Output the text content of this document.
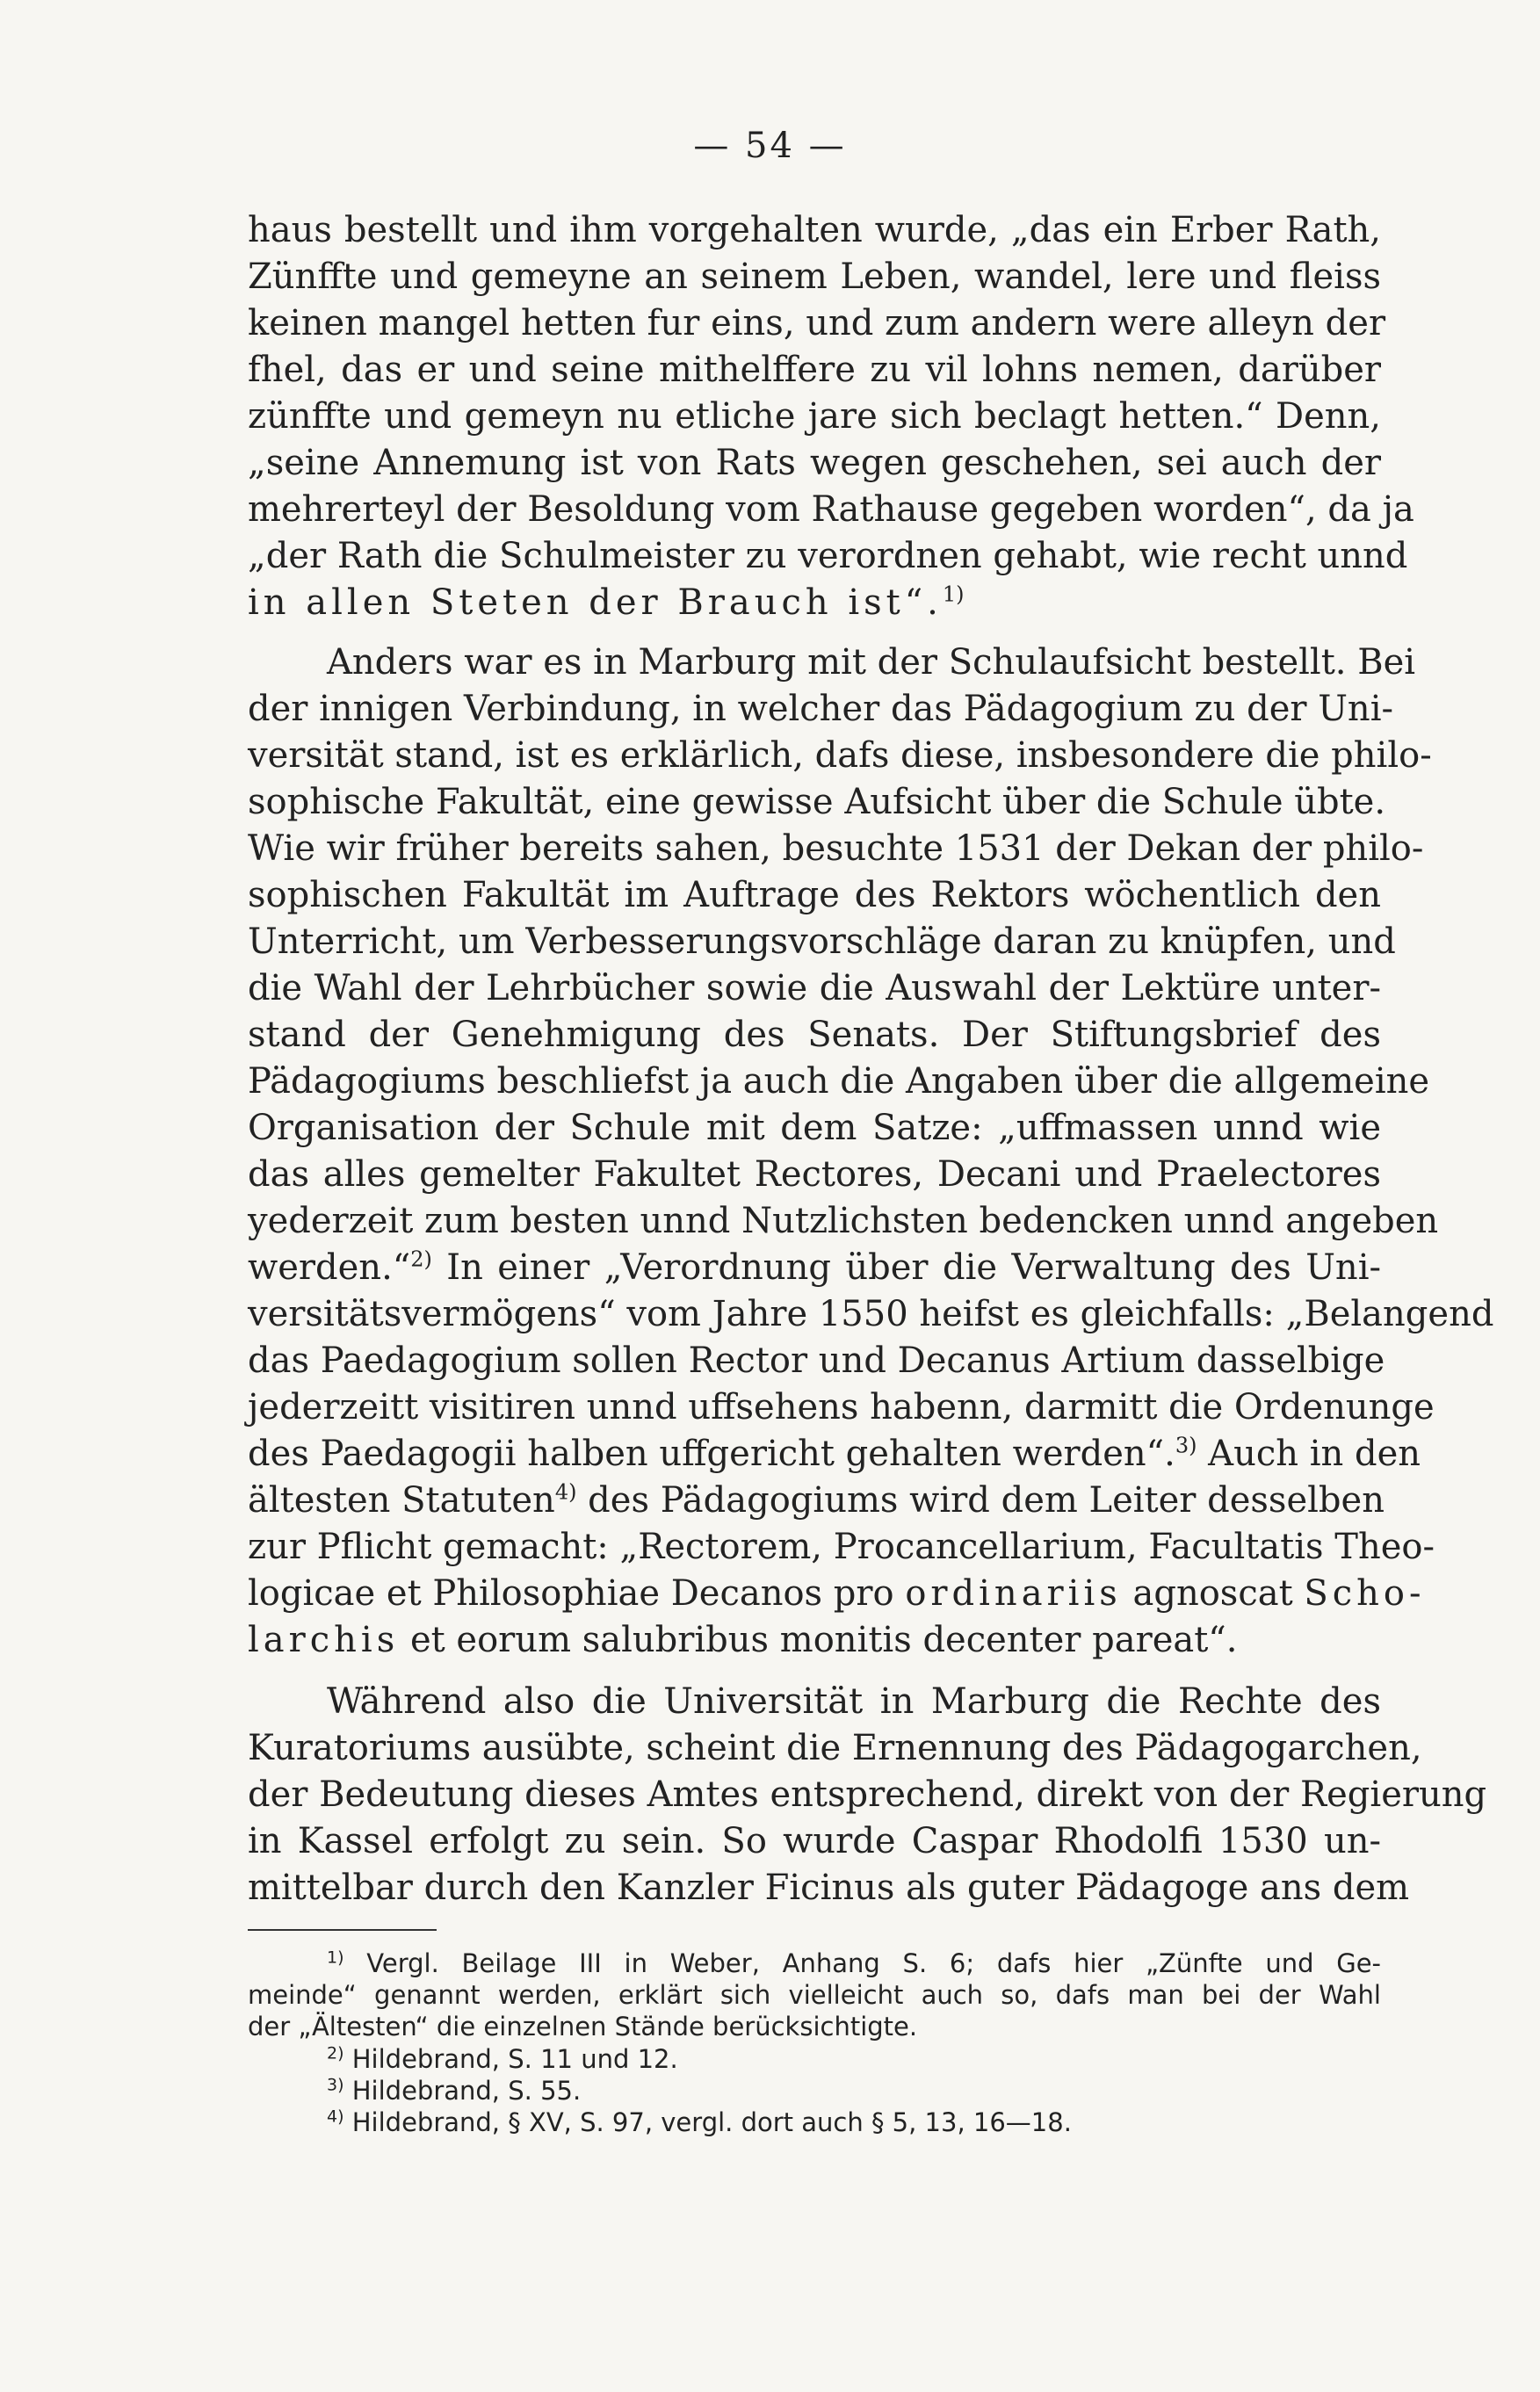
— 54 —
haus bestellt und ihm vorgehalten wurde, „das ein Erber Rath,
Zünffte und gemeyne an seinem Leben, wandel, lere und fleiss
keinen mangel hetten fur eins, und zum andern were alleyn der
fhel, das er und seine mithelffere zu vil lohns nemen, darüber
zünffte und gemeyn nu etliche jare sich beclagt hetten.“ Denn,
„seine Annemung ist von Rats wegen geschehen, sei auch der
mehrerteyl der Besoldung vom Rathause gegeben worden“, da ja
„der Rath die Schulmeister zu verordnen gehabt, wie recht unnd
in allen Steten der Brauch ist“.$^{1)}$
Anders war es in Marburg mit der Schulaufsicht bestellt. Bei
der innigen Verbindung, in welcher das Pädagogium zu der Uni-
versität stand, ist es erklärlich, dafs diese, insbesondere die philo-
sophische Fakultät, eine gewisse Aufsicht über die Schule übte.
Wie wir früher bereits sahen, besuchte 1531 der Dekan der philo-
sophischen Fakultät im Auftrage des Rektors wöchentlich den
Unterricht, um Verbesserungsvorschläge daran zu knüpfen, und
die Wahl der Lehrbücher sowie die Auswahl der Lektüre unter-
stand der Genehmigung des Senats. Der Stiftungsbrief des
Pädagogiums beschliefst ja auch die Angaben über die allgemeine
Organisation der Schule mit dem Satze: „uffmassen unnd wie
das alles gemelter Fakultet Rectores, Decani und Praelectores
yederzeit zum besten unnd Nutzlichsten bedencken unnd angeben
werden.“$^{2)}$ In einer „Verordnung über die Verwaltung des Uni-
versitätsvermögens“ vom Jahre 1550 heifst es gleichfalls: „Belangend
das Paedagogium sollen Rector und Decanus Artium dasselbige
jederzeitt visitiren unnd uffsehens habenn, darmitt die Ordenunge
des Paedagogii halben uffgericht gehalten werden“.$^{3)}$ Auch in den
ältesten Statuten$^{4)}$ des Pädagogiums wird dem Leiter desselben
zur Pflicht gemacht: „Rectorem, Procancellarium, Facultatis Theo-
logicae et Philosophiae Decanos pro ordinariis agnoscat Scho-
larchis et eorum salubribus monitis decenter pareat“.
Während also die Universität in Marburg die Rechte des
Kuratoriums ausübte, scheint die Ernennung des Pädagogarchen,
der Bedeutung dieses Amtes entsprechend, direkt von der Regierung
in Kassel erfolgt zu sein. So wurde Caspar Rhodolfi 1530 un-
mittelbar durch den Kanzler Ficinus als guter Pädagoge ans dem
$^{1)}$ Vergl. Beilage III in Weber, Anhang S. 6; dafs hier „Zünfte und Ge-
meinde“ genannt werden, erklärt sich vielleicht auch so, dafs man bei der Wahl
der „Ältesten“ die einzelnen Stände berücksichtigte.
$^{2)}$ Hildebrand, S. 11 und 12.
$^{3)}$ Hildebrand, S. 55.
$^{4)}$ Hildebrand, § XV, S. 97, vergl. dort auch § 5, 13, 16—18.
